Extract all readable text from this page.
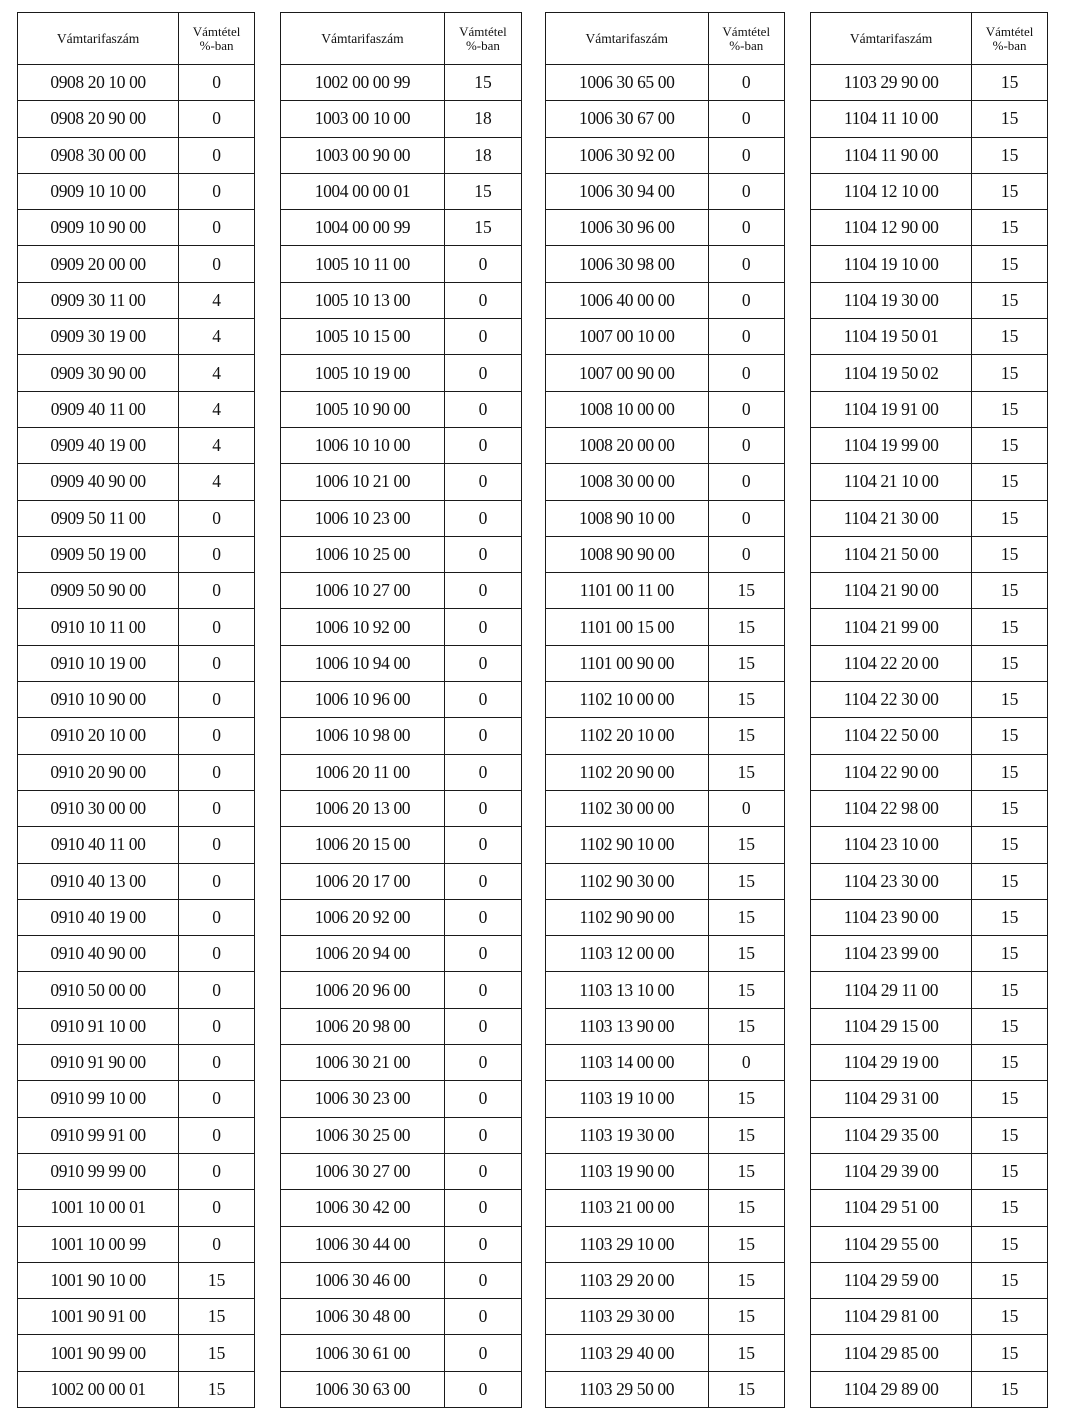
Vámtarifaszám	Vámtétel
%-ban
0908 20 10 00	0
0908 20 90 00	0
0908 30 00 00	0
0909 10 10 00	0
0909 10 90 00	0
0909 20 00 00	0
0909 30 11 00	4
0909 30 19 00	4
0909 30 90 00	4
0909 40 11 00	4
0909 40 19 00	4
0909 40 90 00	4
0909 50 11 00	0
0909 50 19 00	0
0909 50 90 00	0
0910 10 11 00	0
0910 10 19 00	0
0910 10 90 00	0
0910 20 10 00	0
0910 20 90 00	0
0910 30 00 00	0
0910 40 11 00	0
0910 40 13 00	0
0910 40 19 00	0
0910 40 90 00	0
0910 50 00 00	0
0910 91 10 00	0
0910 91 90 00	0
0910 99 10 00	0
0910 99 91 00	0
0910 99 99 00	0
1001 10 00 01	0
1001 10 00 99	0
1001 90 10 00	15
1001 90 91 00	15
1001 90 99 00	15
1002 00 00 01	15
Vámtarifaszám	Vámtétel
%-ban
1002 00 00 99	15
1003 00 10 00	18
1003 00 90 00	18
1004 00 00 01	15
1004 00 00 99	15
1005 10 11 00	0
1005 10 13 00	0
1005 10 15 00	0
1005 10 19 00	0
1005 10 90 00	0
1006 10 10 00	0
1006 10 21 00	0
1006 10 23 00	0
1006 10 25 00	0
1006 10 27 00	0
1006 10 92 00	0
1006 10 94 00	0
1006 10 96 00	0
1006 10 98 00	0
1006 20 11 00	0
1006 20 13 00	0
1006 20 15 00	0
1006 20 17 00	0
1006 20 92 00	0
1006 20 94 00	0
1006 20 96 00	0
1006 20 98 00	0
1006 30 21 00	0
1006 30 23 00	0
1006 30 25 00	0
1006 30 27 00	0
1006 30 42 00	0
1006 30 44 00	0
1006 30 46 00	0
1006 30 48 00	0
1006 30 61 00	0
1006 30 63 00	0
Vámtarifaszám	Vámtétel
%-ban
1006 30 65 00	0
1006 30 67 00	0
1006 30 92 00	0
1006 30 94 00	0
1006 30 96 00	0
1006 30 98 00	0
1006 40 00 00	0
1007 00 10 00	0
1007 00 90 00	0
1008 10 00 00	0
1008 20 00 00	0
1008 30 00 00	0
1008 90 10 00	0
1008 90 90 00	0
1101 00 11 00	15
1101 00 15 00	15
1101 00 90 00	15
1102 10 00 00	15
1102 20 10 00	15
1102 20 90 00	15
1102 30 00 00	0
1102 90 10 00	15
1102 90 30 00	15
1102 90 90 00	15
1103 12 00 00	15
1103 13 10 00	15
1103 13 90 00	15
1103 14 00 00	0
1103 19 10 00	15
1103 19 30 00	15
1103 19 90 00	15
1103 21 00 00	15
1103 29 10 00	15
1103 29 20 00	15
1103 29 30 00	15
1103 29 40 00	15
1103 29 50 00	15
Vámtarifaszám	Vámtétel
%-ban
1103 29 90 00	15
1104 11 10 00	15
1104 11 90 00	15
1104 12 10 00	15
1104 12 90 00	15
1104 19 10 00	15
1104 19 30 00	15
1104 19 50 01	15
1104 19 50 02	15
1104 19 91 00	15
1104 19 99 00	15
1104 21 10 00	15
1104 21 30 00	15
1104 21 50 00	15
1104 21 90 00	15
1104 21 99 00	15
1104 22 20 00	15
1104 22 30 00	15
1104 22 50 00	15
1104 22 90 00	15
1104 22 98 00	15
1104 23 10 00	15
1104 23 30 00	15
1104 23 90 00	15
1104 23 99 00	15
1104 29 11 00	15
1104 29 15 00	15
1104 29 19 00	15
1104 29 31 00	15
1104 29 35 00	15
1104 29 39 00	15
1104 29 51 00	15
1104 29 55 00	15
1104 29 59 00	15
1104 29 81 00	15
1104 29 85 00	15
1104 29 89 00	15
